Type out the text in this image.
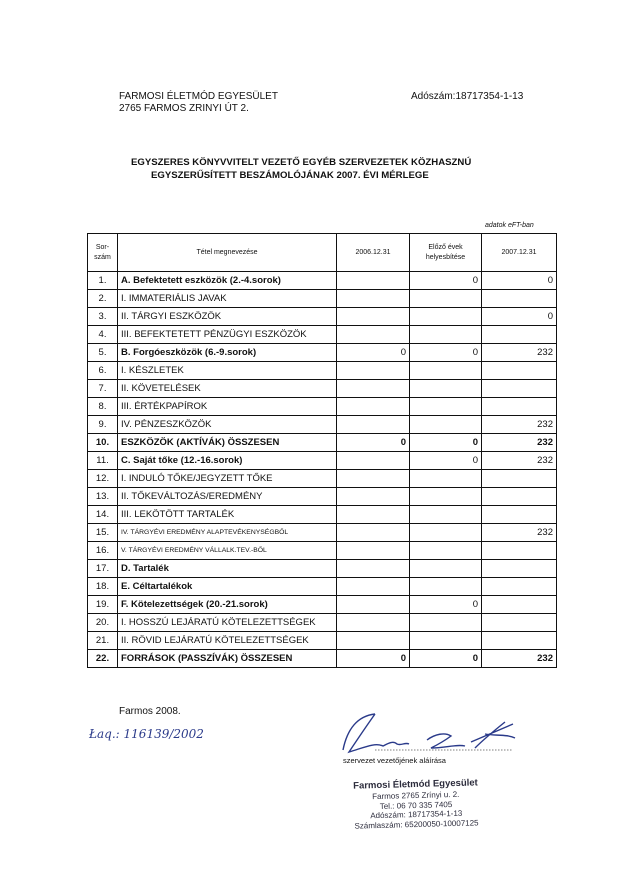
FARMOSI ÉLETMÓD EGYESÜLET
2765 FARMOS ZRINYI ÚT 2.
Adószám:18717354-1-13
EGYSZERES KÖNYVVITELT VEZETŐ EGYÉB SZERVEZETEK KÖZHASZNÚ
EGYSZERŰSÍTETT BESZÁMOLÓJÁNAK 2007. ÉVI MÉRLEGE
adatok eFT-ban
Sor-szám	Tétel megnevezése	2006.12.31	Előző évek helyesbítése	2007.12.31
1.	A. Befektetett eszközök (2.-4.sorok)		0	0
2.	I. IMMATERIÁLIS JAVAK			
3.	II. TÁRGYI ESZKÖZÖK			0
4.	III. BEFEKTETETT PÉNZÜGYI ESZKÖZÖK			
5.	B. Forgóeszközök (6.-9.sorok)	0	0	232
6.	I. KÉSZLETEK			
7.	II. KÖVETELÉSEK			
8.	III. ÉRTÉKPAPÍROK			
9.	IV. PÉNZESZKÖZÖK			232
10.	ESZKÖZÖK (AKTÍVÁK) ÖSSZESEN	0	0	232
11.	C. Saját tőke (12.-16.sorok)		0	232
12.	I. INDULÓ TŐKE/JEGYZETT TŐKE			
13.	II. TŐKEVÁLTOZÁS/EREDMÉNY			
14.	III. LEKÖTÖTT TARTALÉK			
15.	IV. TÁRGYÉVI EREDMÉNY ALAPTEVÉKENYSÉGBŐL			232
16.	V. TÁRGYÉVI EREDMÉNY VÁLLALK.TEV.-BŐL			
17.	D. Tartalék			
18.	E. Céltartalékok			
19.	F. Kötelezettségek (20.-21.sorok)		0	
20.	I. HOSSZÚ LEJÁRATÚ KÖTELEZETTSÉGEK			
21.	II. RÖVID LEJÁRATÚ KÖTELEZETTSÉGEK			
22.	FORRÁSOK (PASSZÍVÁK) ÖSSZESEN	0	0	232
Farmos 2008.
Łaq.: 116139/2002
szervezet vezetőjének aláírása
Farmosi Életmód Egyesület
Farmos 2765 Zrínyi u. 2.
Tel.: 06 70 335 7405
Adószám: 18717354-1-13
Számlaszám: 65200050-10007125
